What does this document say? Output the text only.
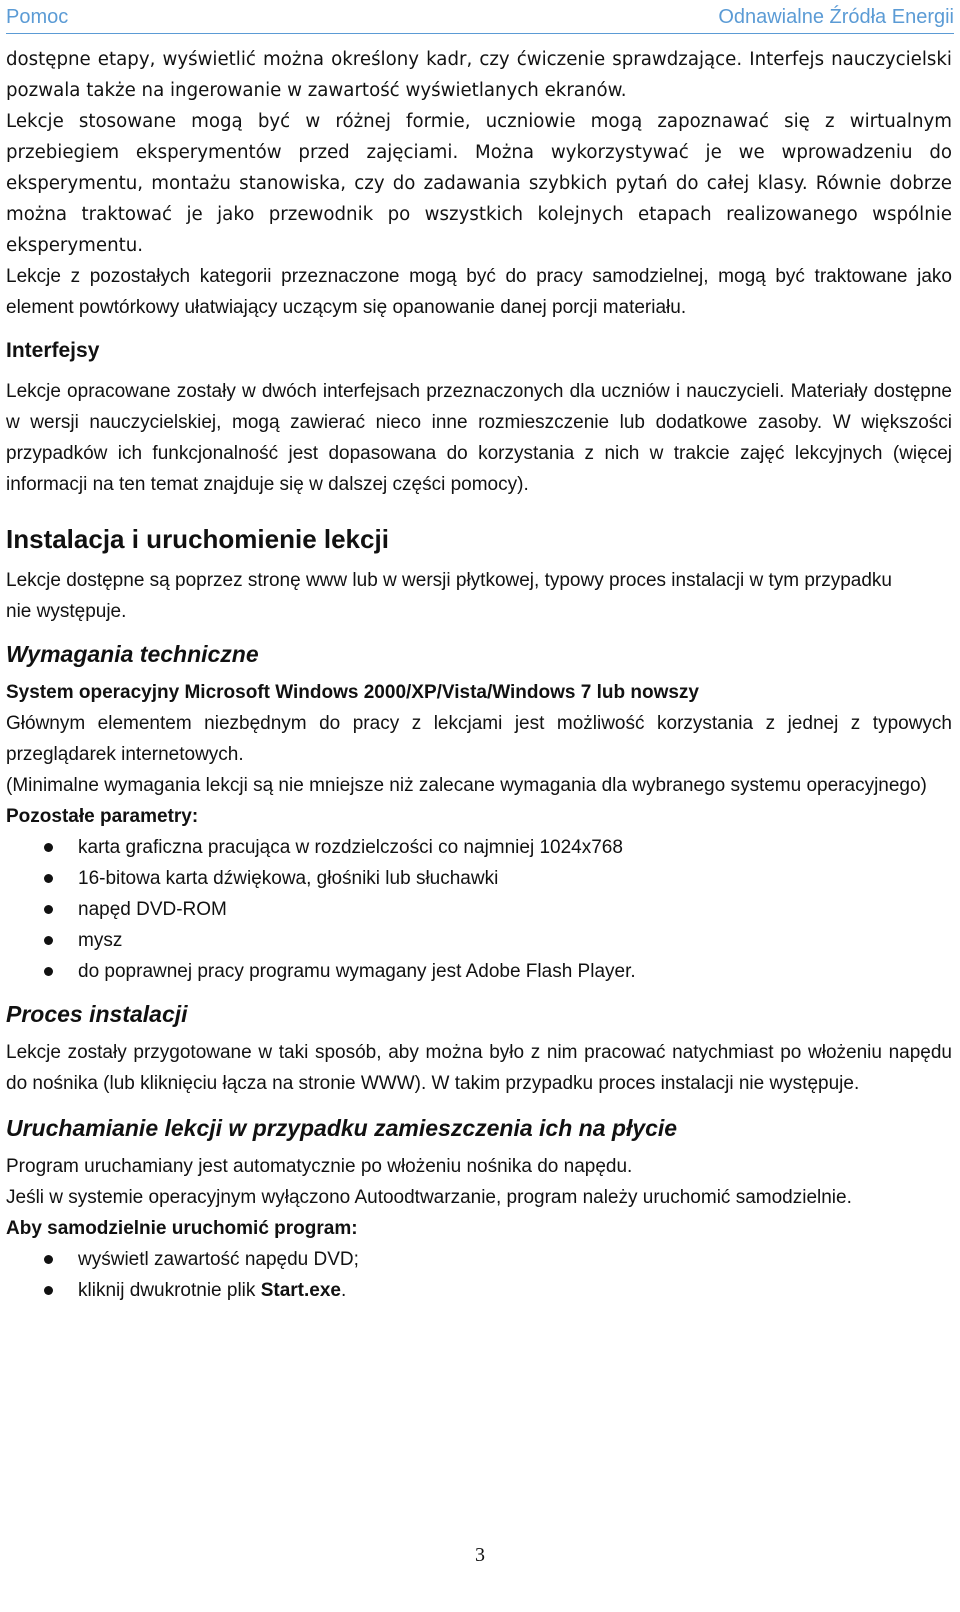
Pomoc	Odnawialne Źródła Energii

dostępne etapy, wyświetlić można określony kadr, czy ćwiczenie sprawdzające. Interfejs nauczycielski pozwala także na ingerowanie w zawartość wyświetlanych ekranów.

Lekcje stosowane mogą być w różnej formie, uczniowie mogą zapoznawać się z wirtualnym przebiegiem eksperymentów przed zajęciami. Można wykorzystywać je we wprowadzeniu do eksperymentu, montażu stanowiska, czy do zadawania szybkich pytań do całej klasy. Równie dobrze można traktować je jako przewodnik po wszystkich kolejnych etapach realizowanego wspólnie eksperymentu.

Lekcje z pozostałych kategorii przeznaczone mogą być do pracy samodzielnej, mogą być traktowane jako element powtórkowy ułatwiający uczącym się opanowanie danej porcji materiału.

Interfejsy

Lekcje opracowane zostały w dwóch interfejsach przeznaczonych dla uczniów i nauczycieli. Materiały dostępne w wersji nauczycielskiej, mogą zawierać nieco inne rozmieszczenie lub dodatkowe zasoby. W większości przypadków ich funkcjonalność jest dopasowana do korzystania z nich w trakcie zajęć lekcyjnych (więcej informacji na ten temat znajduje się w dalszej części pomocy).

Instalacja i uruchomienie lekcji

Lekcje dostępne są poprzez stronę www lub w wersji płytkowej, typowy proces instalacji w tym przypadku nie występuje.

Wymagania techniczne

System operacyjny Microsoft Windows 2000/XP/Vista/Windows 7 lub nowszy

Głównym elementem niezbędnym do pracy z lekcjami jest możliwość korzystania z jednej z typowych przeglądarek internetowych.

(Minimalne wymagania lekcji są nie mniejsze niż zalecane wymagania dla wybranego systemu operacyjnego)

Pozostałe parametry:

karta graficzna pracująca w rozdzielczości co najmniej 1024x768
16-bitowa karta dźwiękowa, głośniki lub słuchawki
napęd DVD-ROM
mysz
do poprawnej pracy programu wymagany jest Adobe Flash Player.
Proces instalacji

Lekcje zostały przygotowane w taki sposób, aby można było z nim pracować natychmiast po włożeniu napędu do nośnika (lub kliknięciu łącza na stronie WWW). W takim przypadku proces instalacji nie występuje.

Uruchamianie lekcji w przypadku zamieszczenia ich na płycie

Program uruchamiany jest automatycznie po włożeniu nośnika do napędu.

Jeśli w systemie operacyjnym wyłączono Autoodtwarzanie, program należy uruchomić samodzielnie.

Aby samodzielnie uruchomić program:

wyświetl zawartość napędu DVD;
kliknij dwukrotnie plik Start.exe.
3
